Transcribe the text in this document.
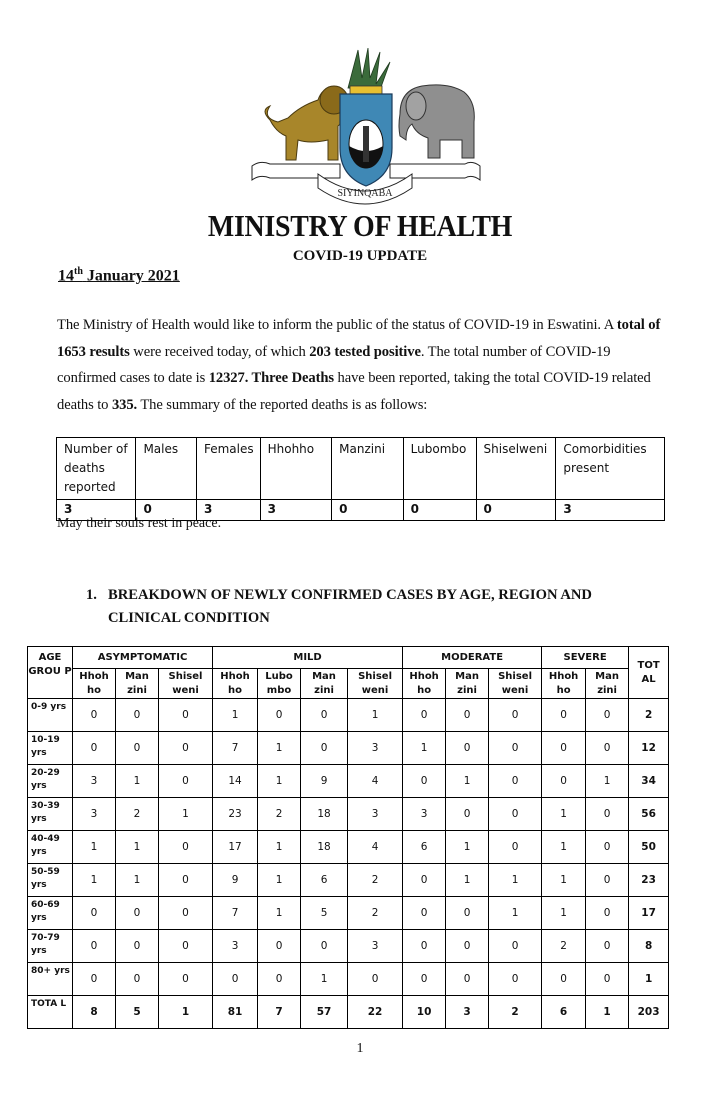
SIYINQABA
MINISTRY OF HEALTH
COVID-19 UPDATE
14th January 2021
The Ministry of Health would like to inform the public of the status of COVID-19 in Eswatini. A total of 1653 results were received today, of which 203 tested positive. The total number of COVID-19 confirmed cases to date is 12327. Three Deaths have been reported, taking the total COVID-19 related deaths to 335. The summary of the reported deaths is as follows:
Number of deaths reported	Males	Females	Hhohho	Manzini	Lubombo	Shiselweni	Comorbidities present
3	0	3	3	0	0	0	3
May their souls rest in peace.
1. BREAKDOWN OF NEWLY CONFIRMED CASES BY AGE, REGION AND CLINICAL CONDITION
AGE GROU P	ASYMPTOMATIC			MILD				MODERATE			SEVERE		TOT AL
	Hhoh ho	Man zini	Shisel weni	Hhoh ho	Lubo mbo	Man zini	Shisel weni	Hhoh ho	Man zini	Shisel weni	Hhoh ho	Man zini	
0-9 yrs	0	0	0	1	0	0	1	0	0	0	0	0	2
10-19 yrs	0	0	0	7	1	0	3	1	0	0	0	0	12
20-29 yrs	3	1	0	14	1	9	4	0	1	0	0	1	34
30-39 yrs	3	2	1	23	2	18	3	3	0	0	1	0	56
40-49 yrs	1	1	0	17	1	18	4	6	1	0	1	0	50
50-59 yrs	1	1	0	9	1	6	2	0	1	1	1	0	23
60-69 yrs	0	0	0	7	1	5	2	0	0	1	1	0	17
70-79 yrs	0	0	0	3	0	0	3	0	0	0	2	0	8
80+ yrs	0	0	0	0	0	1	0	0	0	0	0	0	1
TOTA L	8	5	1	81	7	57	22	10	3	2	6	1	203
1
